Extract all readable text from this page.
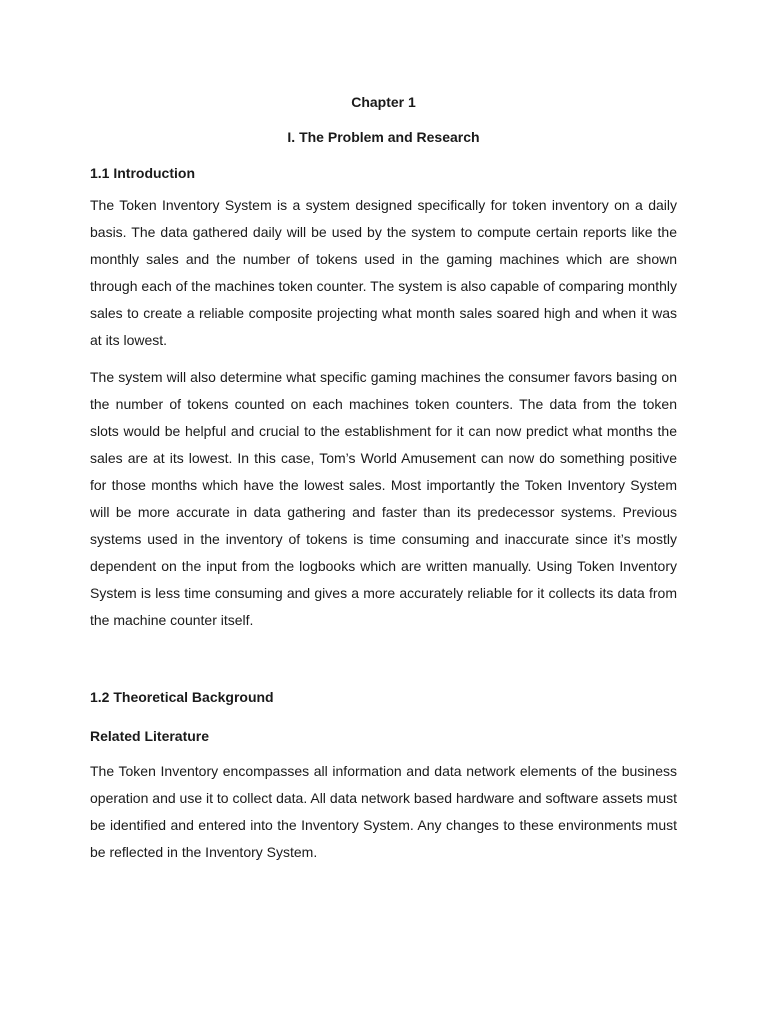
Chapter 1

I. The Problem and Research

1.1 Introduction

The Token Inventory System is a system designed specifically for token inventory on a daily basis. The data gathered daily will be used by the system to compute certain reports like the monthly sales and the number of tokens used in the gaming machines which are shown through each of the machines token counter. The system is also capable of comparing monthly sales to create a reliable composite projecting what month sales soared high and when it was at its lowest.

The system will also determine what specific gaming machines the consumer favors basing on the number of tokens counted on each machines token counters. The data from the token slots would be helpful and crucial to the establishment for it can now predict what months the sales are at its lowest. In this case, Tom’s World Amusement can now do something positive for those months which have the lowest sales. Most importantly the Token Inventory System will be more accurate in data gathering and faster than its predecessor systems. Previous systems used in the inventory of tokens is time consuming and inaccurate since it’s mostly dependent on the input from the logbooks which are written manually. Using Token Inventory System is less time consuming and gives a more accurately reliable for it collects its data from the machine counter itself.

1.2 Theoretical Background

Related Literature

The Token Inventory encompasses all information and data network elements of the business operation and use it to collect data. All data network based hardware and software assets must be identified and entered into the Inventory System. Any changes to these environments must be reflected in the Inventory System.
